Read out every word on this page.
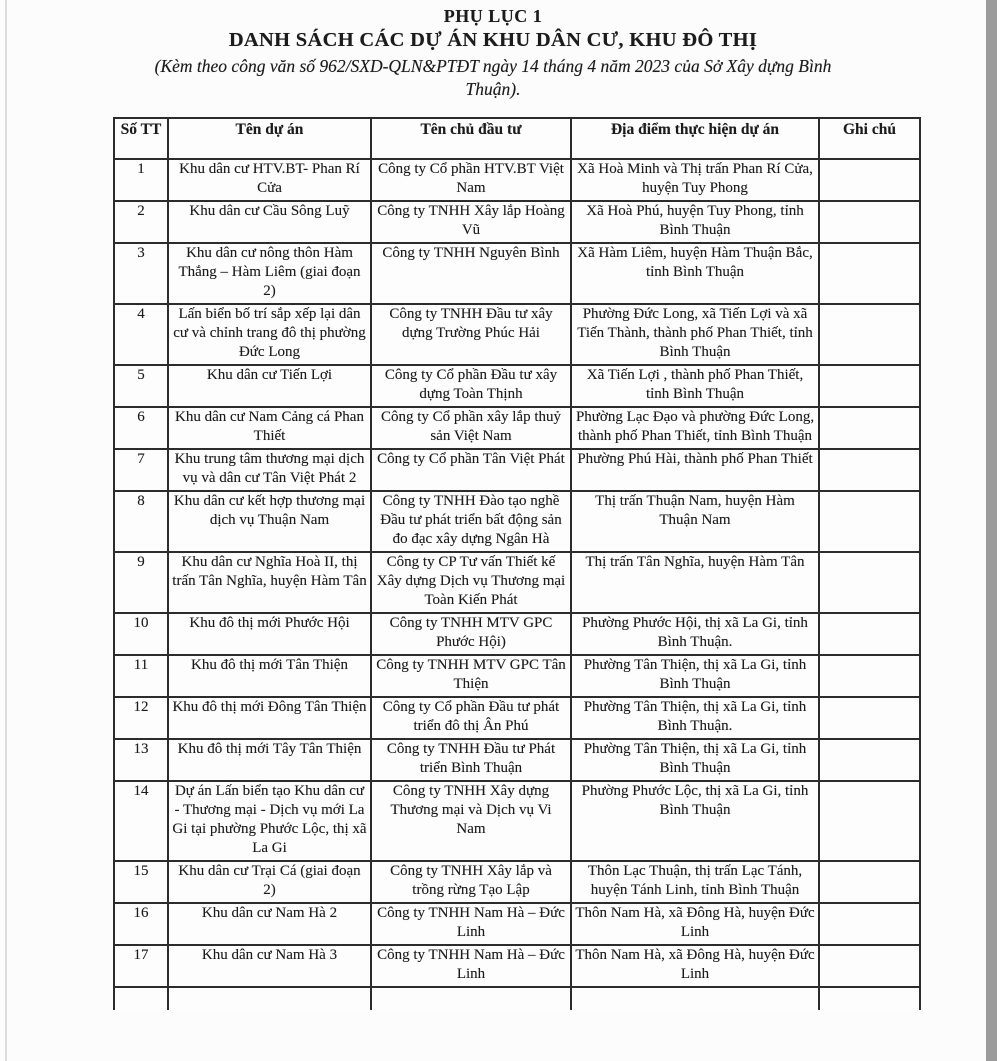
PHỤ LỤC 1
DANH SÁCH CÁC DỰ ÁN KHU DÂN CƯ, KHU ĐÔ THỊ
(Kèm theo công văn số 962/SXD-QLN&PTĐT ngày 14 tháng 4 năm 2023 của Sở Xây dựng Bình Thuận).
Số TT	Tên dự án	Tên chủ đầu tư	Địa điểm thực hiện dự án	Ghi chú
1	Khu dân cư HTV.BT- Phan Rí Cửa	Công ty Cổ phần HTV.BT Việt Nam	Xã Hoà Minh và Thị trấn Phan Rí Cửa, huyện Tuy Phong	
2	Khu dân cư Cầu Sông Luỹ	Công ty TNHH Xây lắp Hoàng Vũ	Xã Hoà Phú, huyện Tuy Phong, tỉnh Bình Thuận	
3	Khu dân cư nông thôn Hàm Thắng – Hàm Liêm (giai đoạn 2)	Công ty TNHH Nguyên Bình	Xã Hàm Liêm, huyện Hàm Thuận Bắc, tỉnh Bình Thuận	
4	Lấn biển bố trí sắp xếp lại dân cư và chỉnh trang đô thị phường Đức Long	Công ty TNHH Đầu tư xây dựng Trường Phúc Hải	Phường Đức Long, xã Tiến Lợi và xã Tiến Thành, thành phố Phan Thiết, tỉnh Bình Thuận	
5	Khu dân cư Tiến Lợi	Công ty Cổ phần Đầu tư xây dựng Toàn Thịnh	Xã Tiến Lợi , thành phố Phan Thiết, tỉnh Bình Thuận	
6	Khu dân cư Nam Cảng cá Phan Thiết	Công ty Cổ phần xây lắp thuỷ sản Việt Nam	Phường Lạc Đạo và phường Đức Long, thành phố Phan Thiết, tỉnh Bình Thuận	
7	Khu trung tâm thương mại dịch vụ và dân cư Tân Việt Phát 2	Công ty Cổ phần Tân Việt Phát	Phường Phú Hài, thành phố Phan Thiết	
8	Khu dân cư kết hợp thương mại dịch vụ Thuận Nam	Công ty TNHH Đào tạo nghề Đầu tư phát triển bất động sản đo đạc xây dựng Ngân Hà	Thị trấn Thuận Nam, huyện Hàm Thuận Nam	
9	Khu dân cư Nghĩa Hoà II, thị trấn Tân Nghĩa, huyện Hàm Tân	Công ty CP Tư vấn Thiết kế Xây dựng Dịch vụ Thương mại Toàn Kiến Phát	Thị trấn Tân Nghĩa, huyện Hàm Tân	
10	Khu đô thị mới Phước Hội	Công ty TNHH MTV GPC Phước Hội)	Phường Phước Hội, thị xã La Gi, tỉnh Bình Thuận.	
11	Khu đô thị mới Tân Thiện	Công ty TNHH MTV GPC Tân Thiện	Phường Tân Thiện, thị xã La Gi, tỉnh Bình Thuận	
12	Khu đô thị mới Đông Tân Thiện	Công ty Cổ phần Đầu tư phát triển đô thị Ân Phú	Phường Tân Thiện, thị xã La Gi, tỉnh Bình Thuận.	
13	Khu đô thị mới Tây Tân Thiện	Công ty TNHH Đầu tư Phát triển Bình Thuận	Phường Tân Thiện, thị xã La Gi, tỉnh Bình Thuận	
14	Dự án Lấn biển tạo Khu dân cư - Thương mại - Dịch vụ mới La Gi tại phường Phước Lộc, thị xã La Gi	Công ty TNHH Xây dựng Thương mại và Dịch vụ Vi Nam	Phường Phước Lộc, thị xã La Gi, tỉnh Bình Thuận	
15	Khu dân cư Trại Cá (giai đoạn 2)	Công ty TNHH Xây lắp và trồng rừng Tạo Lập	Thôn Lạc Thuận, thị trấn Lạc Tánh, huyện Tánh Linh, tỉnh Bình Thuận	
16	Khu dân cư Nam Hà 2	Công ty TNHH Nam Hà – Đức Linh	Thôn Nam Hà, xã Đông Hà, huyện Đức Linh	
17	Khu dân cư Nam Hà 3	Công ty TNHH Nam Hà – Đức Linh	Thôn Nam Hà, xã Đông Hà, huyện Đức Linh	
